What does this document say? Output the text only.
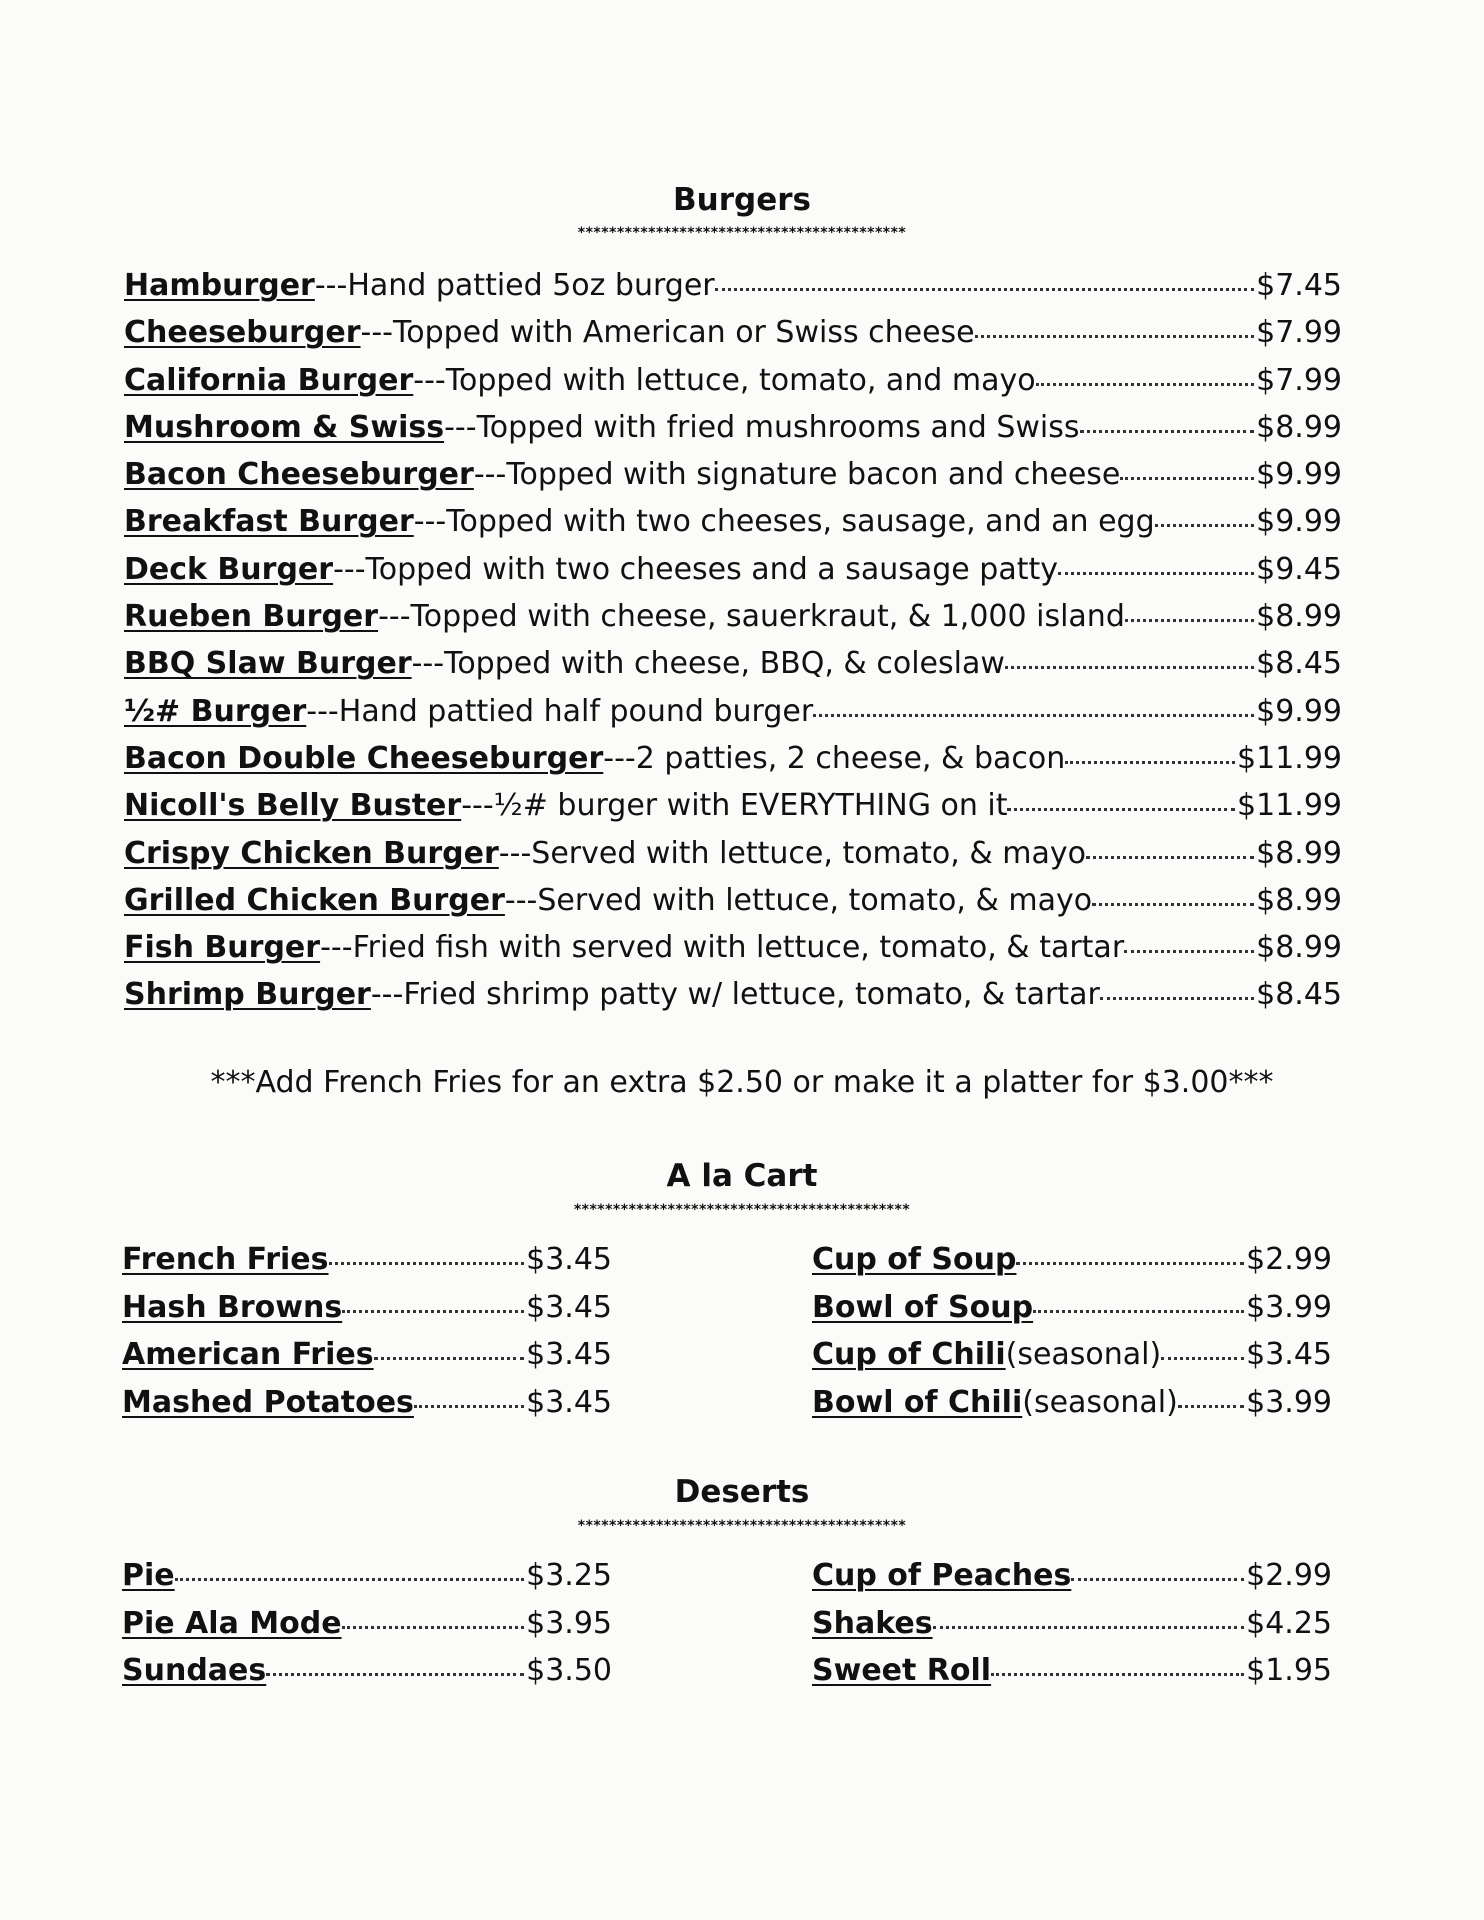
Burgers
******************************************
Hamburger --- Hand pattied 5oz burger	$7.45
Cheeseburger --- Topped with American or Swiss cheese	$7.99
California Burger --- Topped with lettuce, tomato, and mayo	$7.99
Mushroom & Swiss --- Topped with fried mushrooms and Swiss	$8.99
Bacon Cheeseburger --- Topped with signature bacon and cheese	$9.99
Breakfast Burger --- Topped with two cheeses, sausage, and an egg	$9.99
Deck Burger --- Topped with two cheeses and a sausage patty	$9.45
Rueben Burger --- Topped with cheese, sauerkraut, & 1,000 island	$8.99
BBQ Slaw Burger --- Topped with cheese, BBQ, & coleslaw	$8.45
½# Burger --- Hand pattied half pound burger	$9.99
Bacon Double Cheeseburger --- 2 patties, 2 cheese, & bacon	$11.99
Nicoll's Belly Buster --- ½# burger with EVERYTHING on it	$11.99
Crispy Chicken Burger --- Served with lettuce, tomato, & mayo	$8.99
Grilled Chicken Burger --- Served with lettuce, tomato, & mayo	$8.99
Fish Burger --- Fried fish with served with lettuce, tomato, & tartar	$8.99
Shrimp Burger --- Fried shrimp patty w/ lettuce, tomato, & tartar	$8.45
***Add French Fries for an extra $2.50 or make it a platter for $3.00***
A la Cart
*******************************************
French Fries	$3.45
Hash Browns	$3.45
American Fries	$3.45
Mashed Potatoes	$3.45
Cup of Soup	$2.99
Bowl of Soup	$3.99
Cup of Chili (seasonal)	$3.45
Bowl of Chili (seasonal) $3.99
Deserts
******************************************
Pie	$3.25
Pie Ala Mode	$3.95
Sundaes	$3.50
Cup of Peaches	$2.99
Shakes	$4.25
Sweet Roll	$1.95
